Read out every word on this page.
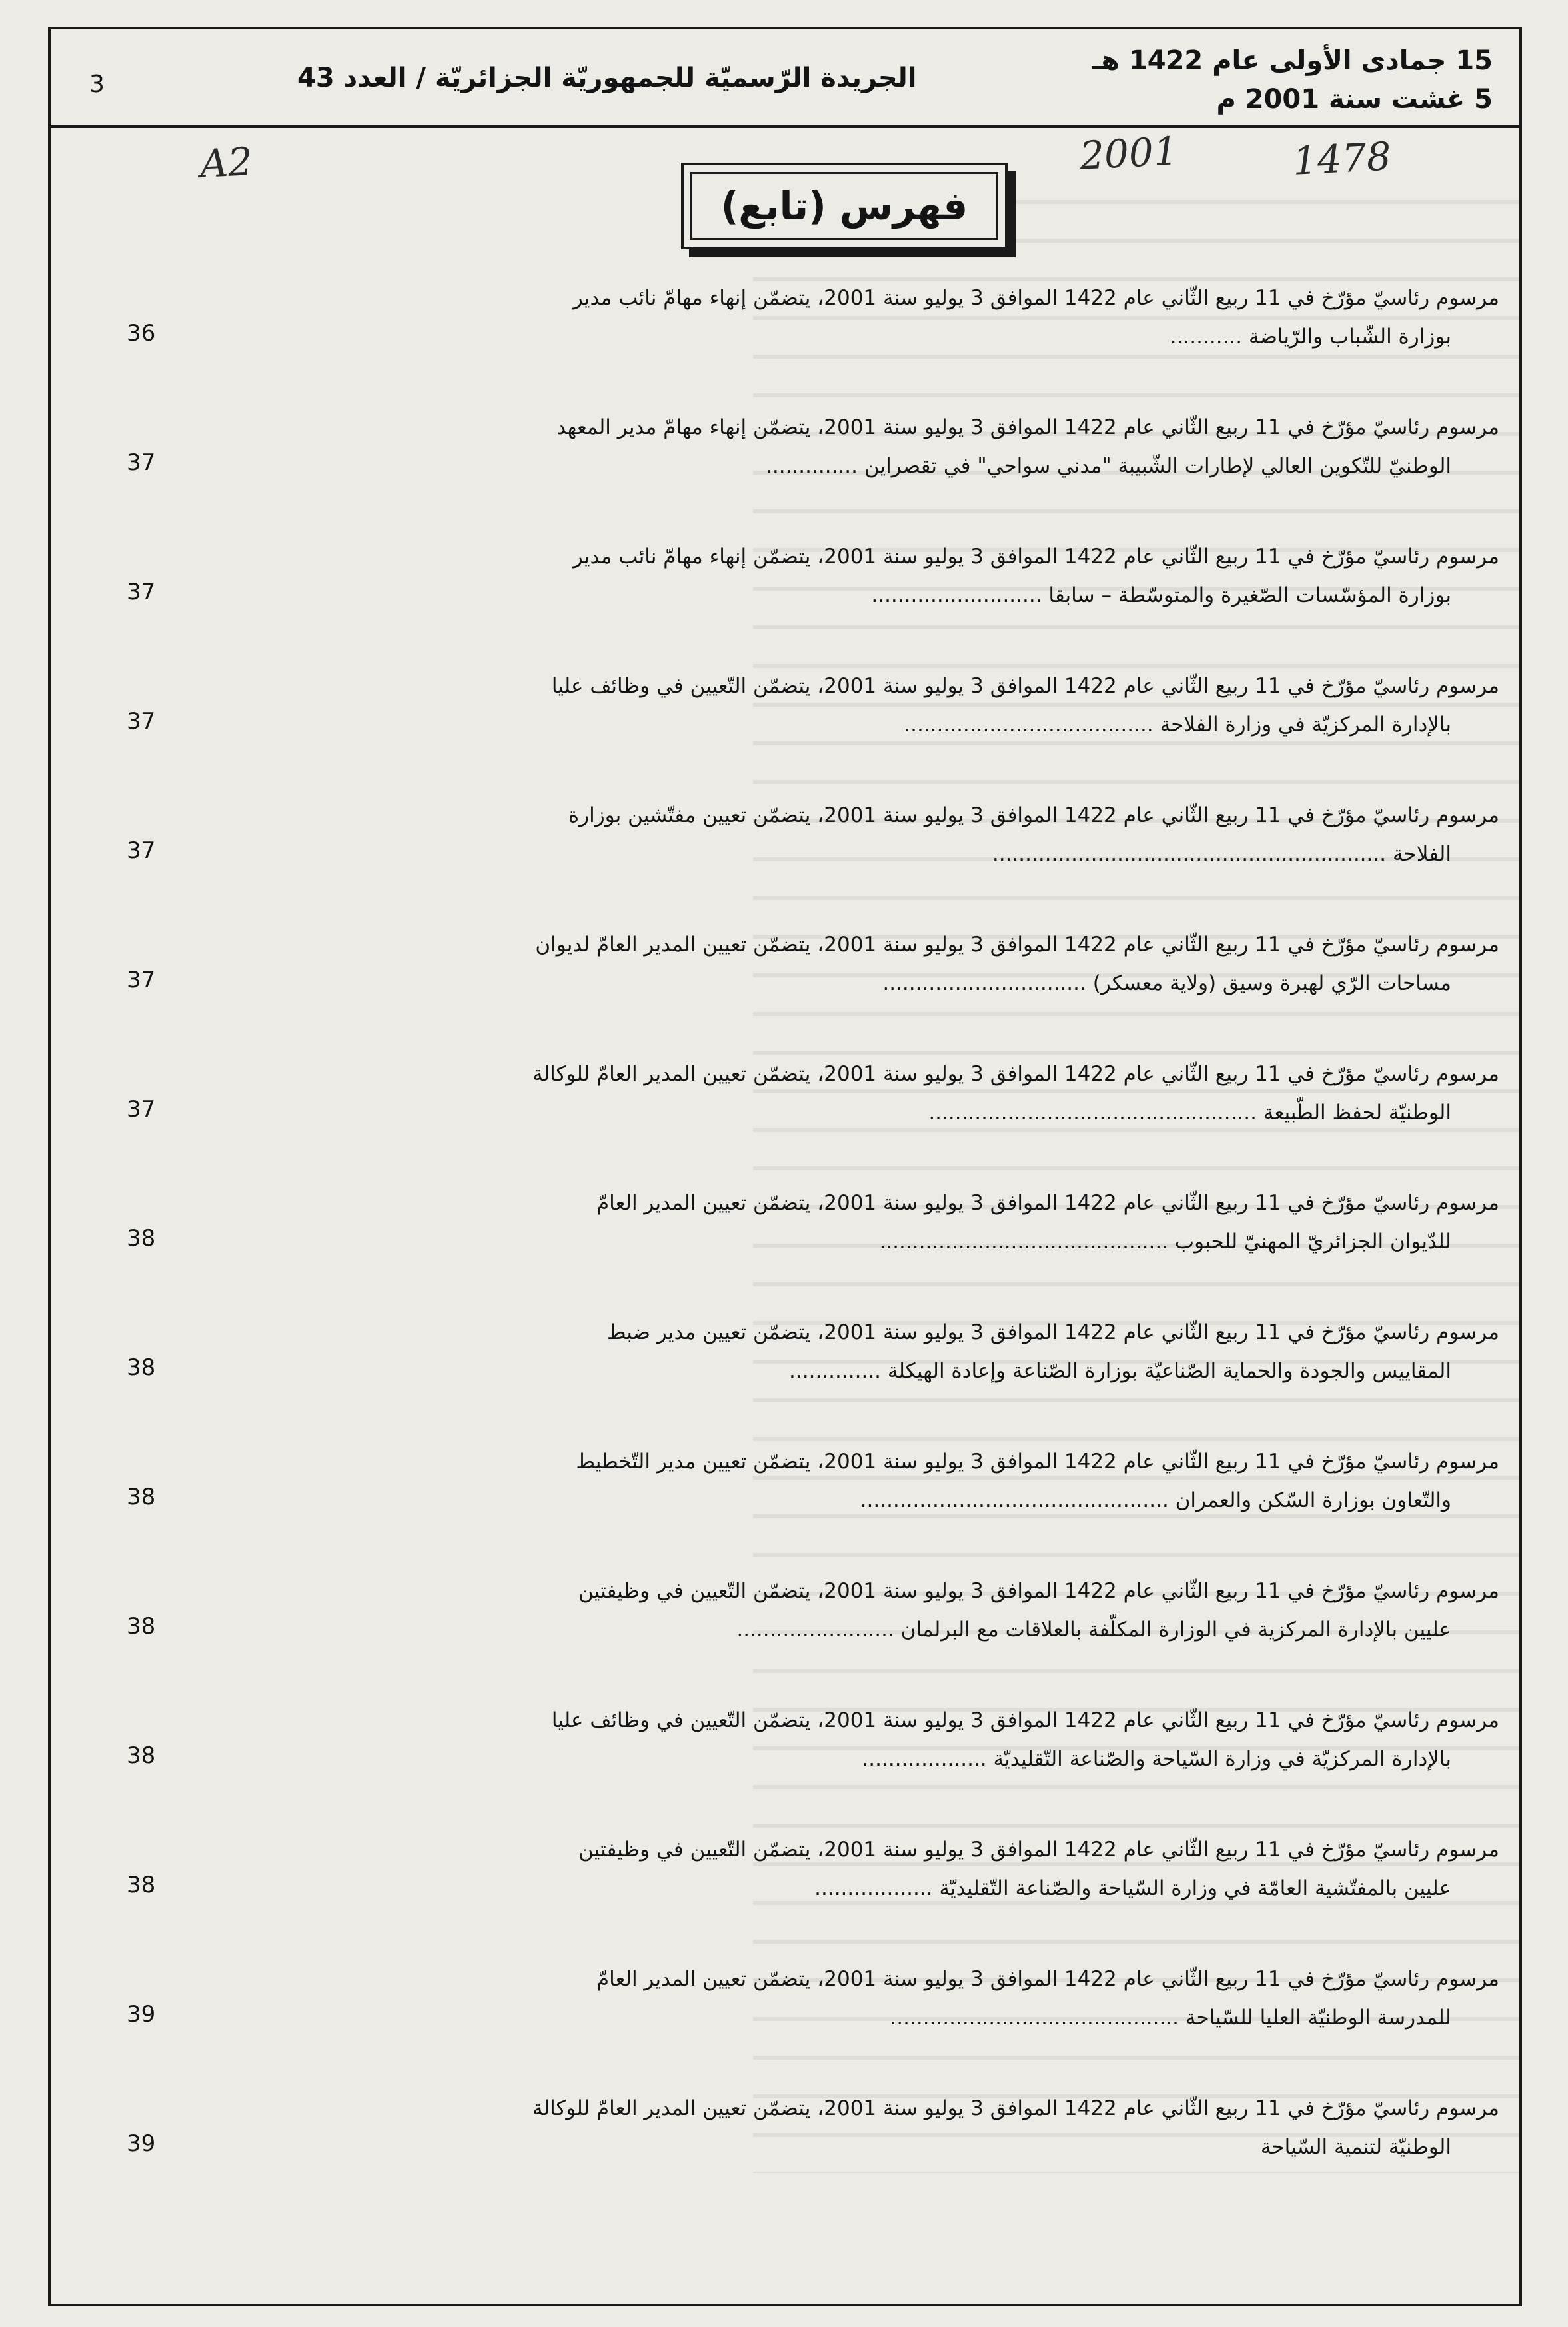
3	الجريدة الرّسميّة للجمهوريّة الجزائريّة / العدد 43
15 جمادى الأولى عام 1422 هـ
5 غشت سنة 2001 م
A2	2001	1478
فهرس (تابع)
مرسوم رئاسيّ مؤرّخ في 11 ربيع الثّاني عام 1422 الموافق 3 يوليو سنة 2001، يتضمّن إنهاء مهامّ نائب مدير
بوزارة الشّباب والرّياضة ...........
36
مرسوم رئاسيّ مؤرّخ في 11 ربيع الثّاني عام 1422 الموافق 3 يوليو سنة 2001، يتضمّن إنهاء مهامّ مدير المعهد
الوطنيّ للتّكوين العالي لإطارات الشّبيبة "مدني سواحي" في تقصراين ..............
37
مرسوم رئاسيّ مؤرّخ في 11 ربيع الثّاني عام 1422 الموافق 3 يوليو سنة 2001، يتضمّن إنهاء مهامّ نائب مدير
بوزارة المؤسّسات الصّغيرة والمتوسّطة – سابقا ..........................
37
مرسوم رئاسيّ مؤرّخ في 11 ربيع الثّاني عام 1422 الموافق 3 يوليو سنة 2001، يتضمّن التّعيين في وظائف عليا
بالإدارة المركزيّة في وزارة الفلاحة ......................................
37
مرسوم رئاسيّ مؤرّخ في 11 ربيع الثّاني عام 1422 الموافق 3 يوليو سنة 2001، يتضمّن تعيين مفتّشين بوزارة
الفلاحة ............................................................
37
مرسوم رئاسيّ مؤرّخ في 11 ربيع الثّاني عام 1422 الموافق 3 يوليو سنة 2001، يتضمّن تعيين المدير العامّ لديوان
مساحات الرّي لهبرة وسيق (ولاية معسكر) ...............................
37
مرسوم رئاسيّ مؤرّخ في 11 ربيع الثّاني عام 1422 الموافق 3 يوليو سنة 2001، يتضمّن تعيين المدير العامّ للوكالة
الوطنيّة لحفظ الطّبيعة ..................................................
37
مرسوم رئاسيّ مؤرّخ في 11 ربيع الثّاني عام 1422 الموافق 3 يوليو سنة 2001، يتضمّن تعيين المدير العامّ
للدّيوان الجزائريّ المهنيّ للحبوب ............................................
38
مرسوم رئاسيّ مؤرّخ في 11 ربيع الثّاني عام 1422 الموافق 3 يوليو سنة 2001، يتضمّن تعيين مدير ضبط
المقاييس والجودة والحماية الصّناعيّة بوزارة الصّناعة وإعادة الهيكلة ..............
38
مرسوم رئاسيّ مؤرّخ في 11 ربيع الثّاني عام 1422 الموافق 3 يوليو سنة 2001، يتضمّن تعيين مدير التّخطيط
والتّعاون بوزارة السّكن والعمران ...............................................
38
مرسوم رئاسيّ مؤرّخ في 11 ربيع الثّاني عام 1422 الموافق 3 يوليو سنة 2001، يتضمّن التّعيين في وظيفتين
عليين بالإدارة المركزية في الوزارة المكلّفة بالعلاقات مع البرلمان ........................
38
مرسوم رئاسيّ مؤرّخ في 11 ربيع الثّاني عام 1422 الموافق 3 يوليو سنة 2001، يتضمّن التّعيين في وظائف عليا
بالإدارة المركزيّة في وزارة السّياحة والصّناعة التّقليديّة ...................
38
مرسوم رئاسيّ مؤرّخ في 11 ربيع الثّاني عام 1422 الموافق 3 يوليو سنة 2001، يتضمّن التّعيين في وظيفتين
عليين بالمفتّشية العامّة في وزارة السّياحة والصّناعة التّقليديّة ..................
38
مرسوم رئاسيّ مؤرّخ في 11 ربيع الثّاني عام 1422 الموافق 3 يوليو سنة 2001، يتضمّن تعيين المدير العامّ
للمدرسة الوطنيّة العليا للسّياحة ............................................
39
مرسوم رئاسيّ مؤرّخ في 11 ربيع الثّاني عام 1422 الموافق 3 يوليو سنة 2001، يتضمّن تعيين المدير العامّ للوكالة
الوطنيّة لتنمية السّياحة
39
